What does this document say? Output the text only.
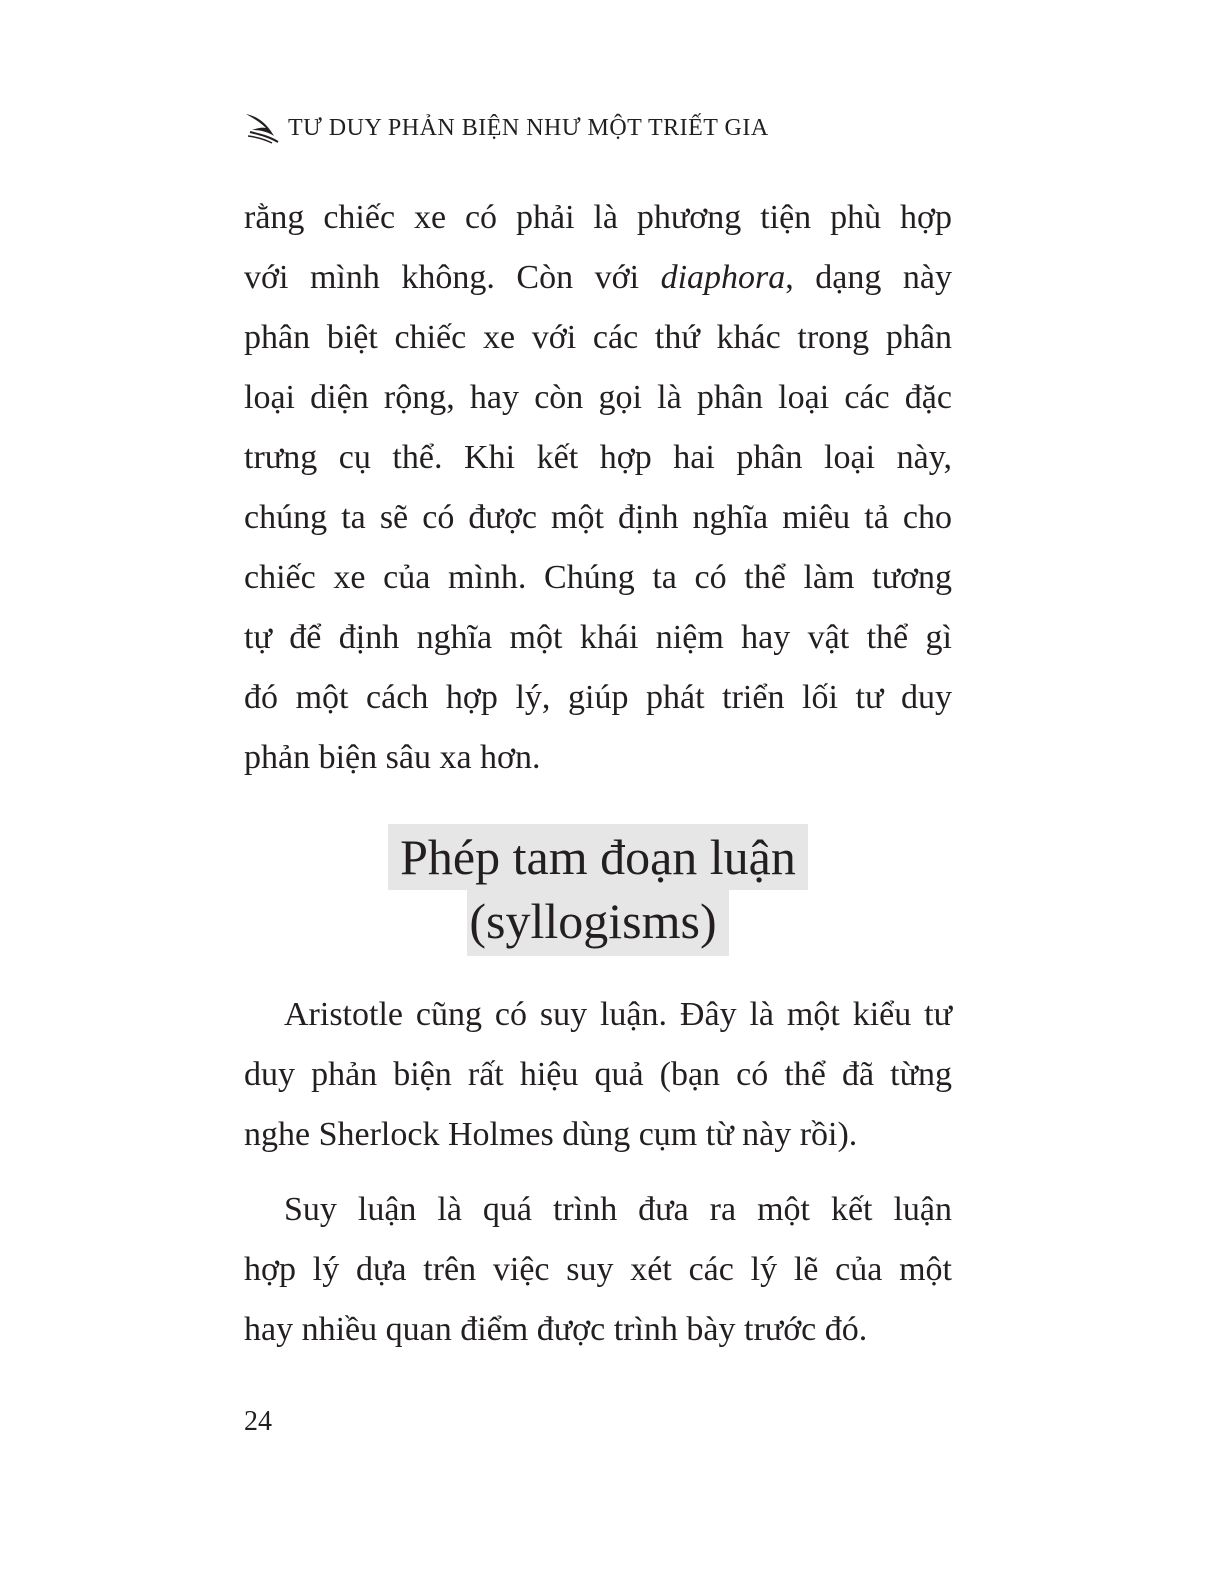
TƯ DUY PHẢN BIỆN NHƯ MỘT TRIẾT GIA
rằng chiếc xe có phải là phương tiện phù hợp
với mình không. Còn với diaphora, dạng này
phân biệt chiếc xe với các thứ khác trong phân
loại diện rộng, hay còn gọi là phân loại các đặc
trưng cụ thể. Khi kết hợp hai phân loại này,
chúng ta sẽ có được một định nghĩa miêu tả cho
chiếc xe của mình. Chúng ta có thể làm tương
tự để định nghĩa một khái niệm hay vật thể gì
đó một cách hợp lý, giúp phát triển lối tư duy
phản biện sâu xa hơn.
Phép tam đoạn luận
(syllogisms)
Aristotle cũng có suy luận. Đây là một kiểu tư
duy phản biện rất hiệu quả (bạn có thể đã từng
nghe Sherlock Holmes dùng cụm từ này rồi).
Suy luận là quá trình đưa ra một kết luận
hợp lý dựa trên việc suy xét các lý lẽ của một
hay nhiều quan điểm được trình bày trước đó.
24
